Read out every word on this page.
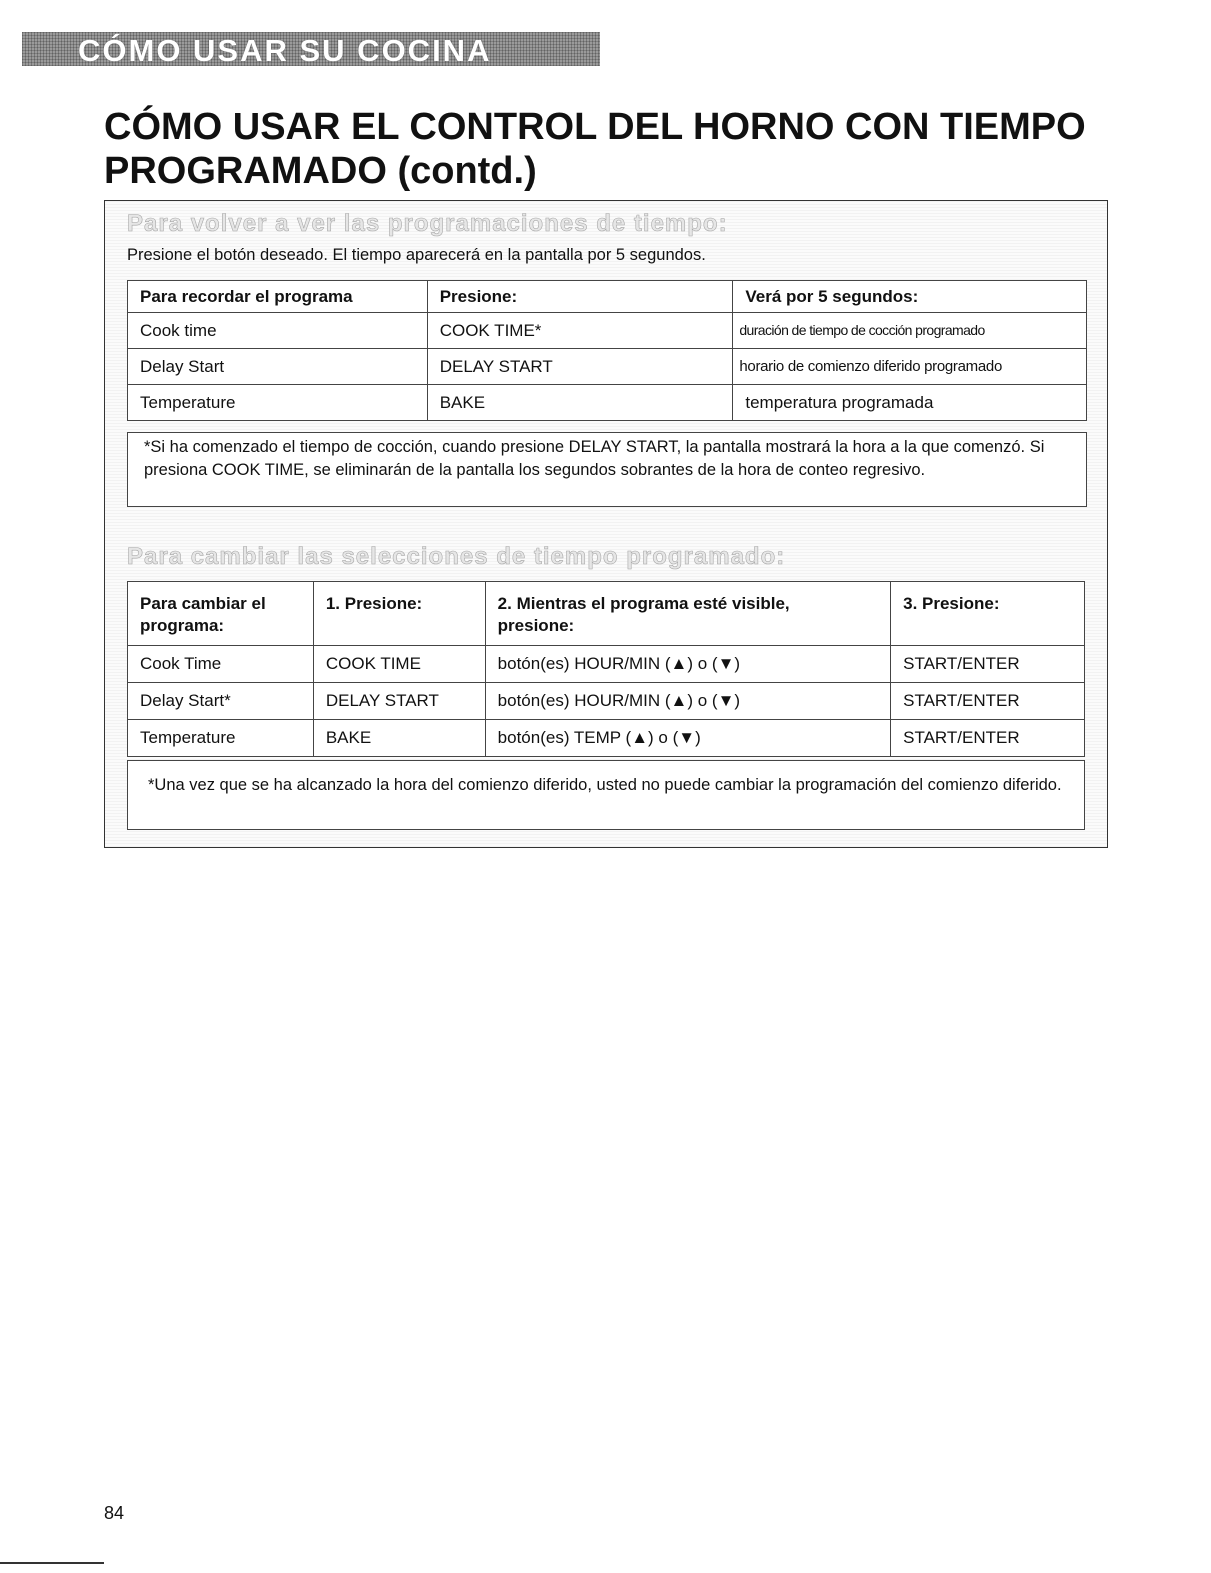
CÓMO USAR SU COCINA
CÓMO USAR EL CONTROL DEL HORNO CON TIEMPO PROGRAMADO (contd.)
Para volver a ver las programaciones de tiempo:
Presione el botón deseado. El tiempo aparecerá en la pantalla por 5 segundos.
Para recordar el programa	Presione:	Verá por 5 segundos:
Cook time	COOK TIME*	duración de tiempo de cocción programado
Delay Start	DELAY START	horario de comienzo diferido programado
Temperature	BAKE	temperatura programada
*Si ha comenzado el tiempo de cocción, cuando presione DELAY START, la pantalla mostrará la hora a la que comenzó. Si presiona COOK TIME, se eliminarán de la pantalla los segundos sobrantes de la hora de conteo regresivo.
Para cambiar las selecciones de tiempo programado:
Para cambiar el programa:	1. Presione:	2. Mientras el programa esté visible, presione:	3. Presione:
Cook Time	COOK TIME	botón(es) HOUR/MIN (▲) o (▼)	START/ENTER
Delay Start*	DELAY START	botón(es) HOUR/MIN (▲) o (▼)	START/ENTER
Temperature	BAKE	botón(es) TEMP (▲) o (▼)	START/ENTER
*Una vez que se ha alcanzado la hora del comienzo diferido, usted no puede cambiar la programación del comienzo diferido.
84
